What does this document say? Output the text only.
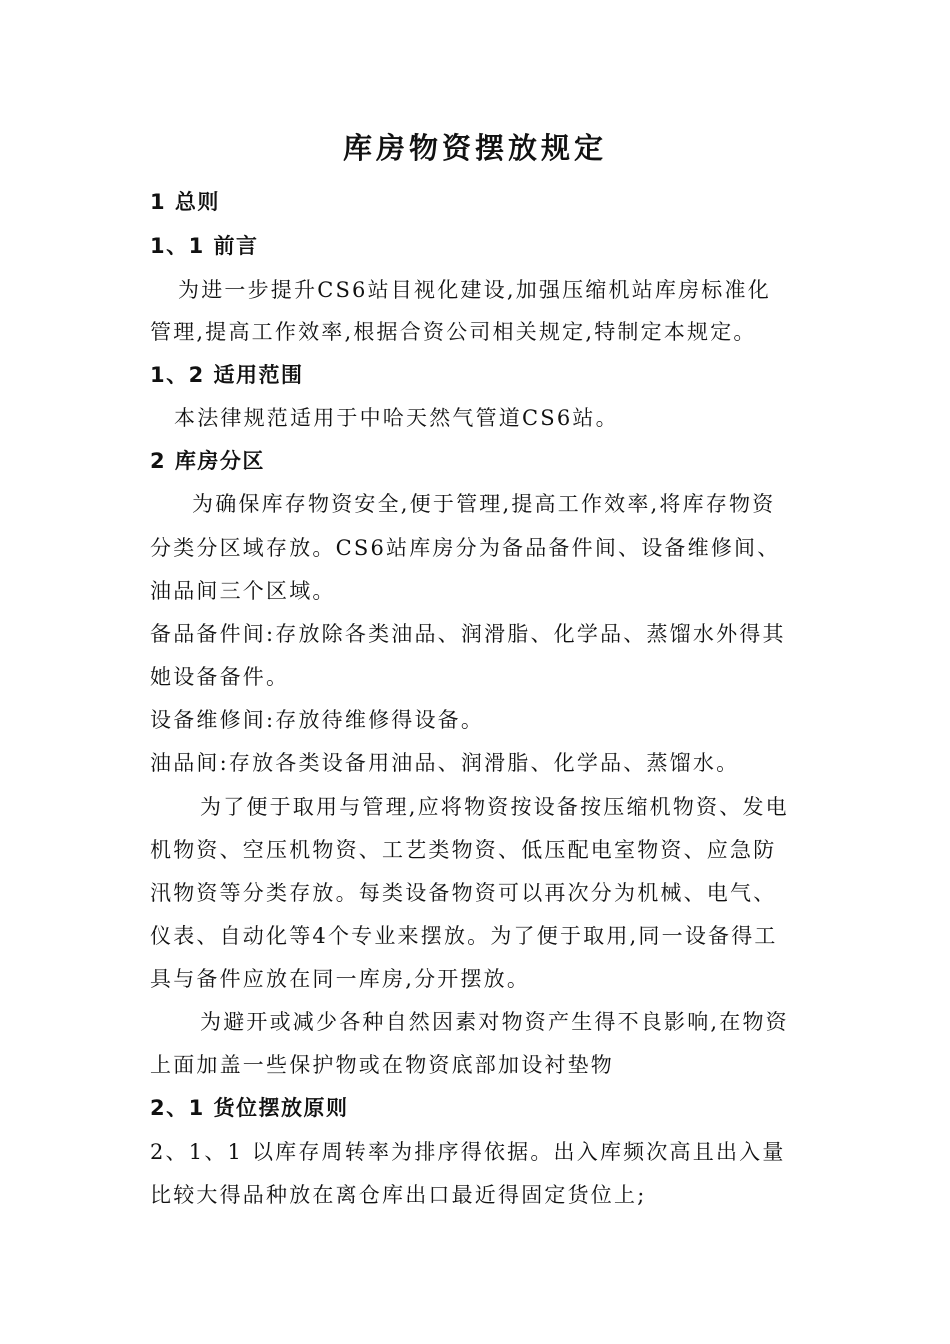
库房物资摆放规定
1 总则
1、1 前言
为进一步提升CS6站目视化建设,加强压缩机站库房标准化
管理,提高工作效率,根据合资公司相关规定,特制定本规定。
1、2 适用范围
本法律规范适用于中哈天然气管道CS6站。
2 库房分区
为确保库存物资安全,便于管理,提高工作效率,将库存物资
分类分区域存放。CS6站库房分为备品备件间、设备维修间、
油品间三个区域。
备品备件间:存放除各类油品、润滑脂、化学品、蒸馏水外得其
她设备备件。
设备维修间:存放待维修得设备。
油品间:存放各类设备用油品、润滑脂、化学品、蒸馏水。
为了便于取用与管理,应将物资按设备按压缩机物资、发电
机物资、空压机物资、工艺类物资、低压配电室物资、应急防
汛物资等分类存放。每类设备物资可以再次分为机械、电气、
仪表、自动化等4个专业来摆放。为了便于取用,同一设备得工
具与备件应放在同一库房,分开摆放。
为避开或减少各种自然因素对物资产生得不良影响,在物资
上面加盖一些保护物或在物资底部加设衬垫物
2、1 货位摆放原则
2、1、1 以库存周转率为排序得依据。出入库频次高且出入量
比较大得品种放在离仓库出口最近得固定货位上;
